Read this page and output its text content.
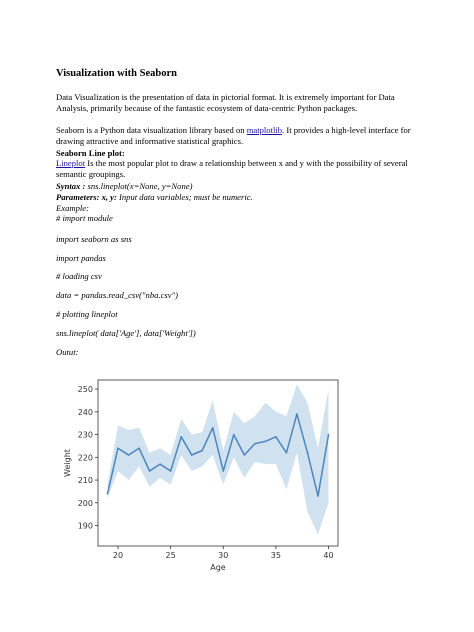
Visualization with Seaborn
Data Visualization is the presentation of data in pictorial format. It is extremely important for Data Analysis, primarily because of the fantastic ecosystem of data-centric Python packages.
Seaborn is a Python data visualization library based on matplotlib. It provides a high-level interface for drawing attractive and informative statistical graphics.
Seaborn Line plot:
Lineplot Is the most popular plot to draw a relationship between x and y with the possibility of several semantic groupings.
Syntax : sns.lineplot(x=None, y=None)
Parameters: x, y: Input data variables; must be numeric.
Example:
# import module
import seaborn as sns
import pandas
# loading csv
data = pandas.read_csv("nba.csv")
# plotting lineplot
sns.lineplot( data['Age'], data['Weight'])
Outut:
20	25	30	35	40
190
200
210
220
230
240
250
Age
Weight
